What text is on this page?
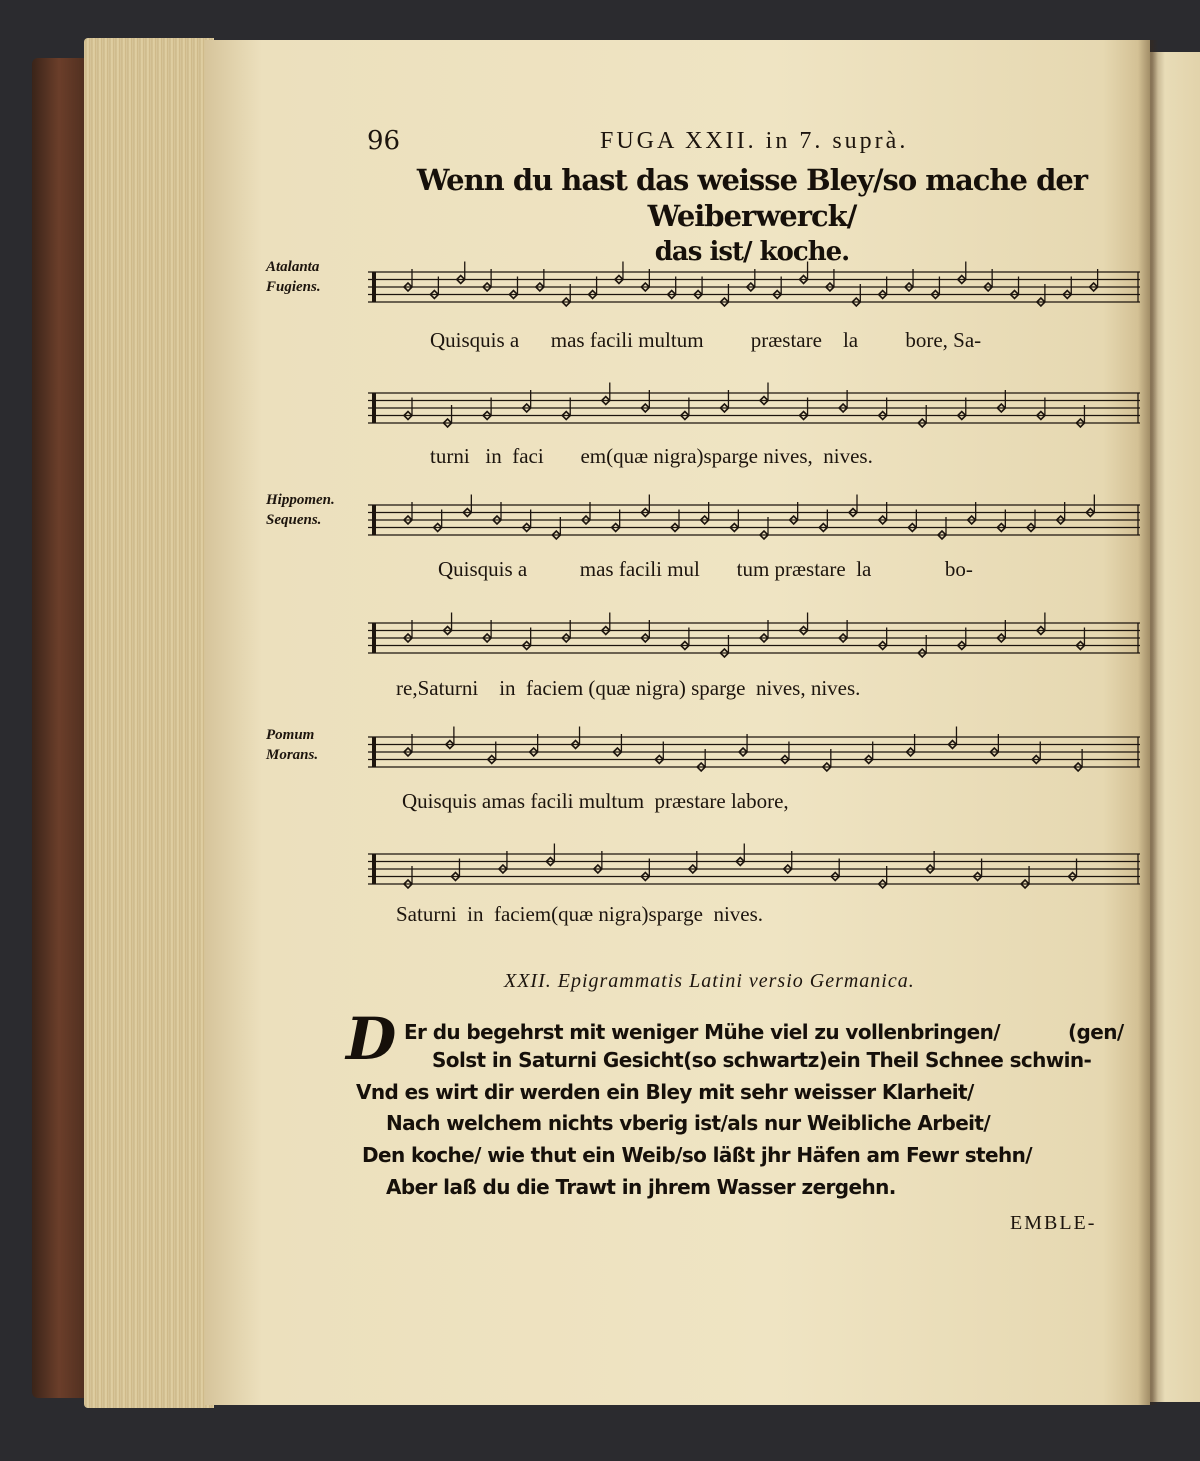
96	FUGA XXII. in 7. suprà.
Wenn du hast das weisse Bley/so mache der Weiberwerck/
das ist/ koche.
Atalanta
Fugiens.
Quisquis a      mas facili multum         præstare    la         bore, Sa-
turni   in  faci       em(quæ nigra)sparge nives,  nives.
Hippomen.
Sequens.
Quisquis a          mas facili mul       tum præstare  la              bo-
re,Saturni    in  faciem (quæ nigra) sparge  nives, nives.
Pomum
Morans.
Quisquis amas facili multum  præstare labore,
Saturni  in  faciem(quæ nigra)sparge  nives.
XXII. Epigrammatis Latini versio Germanica.
D Er du begehrst mit weniger Mühe viel zu vollenbringen/	(gen/
Solst in Saturni Gesicht(so schwartz)ein Theil Schnee schwin-
Vnd es wirt dir werden ein Bley mit sehr weisser Klarheit/
Nach welchem nichts vberig ist/als nur Weibliche Arbeit/
Den koche/ wie thut ein Weib/so läßt jhr Häfen am Fewr stehn/
Aber laß du die Trawt in jhrem Wasser zergehn.
EMBLE-
